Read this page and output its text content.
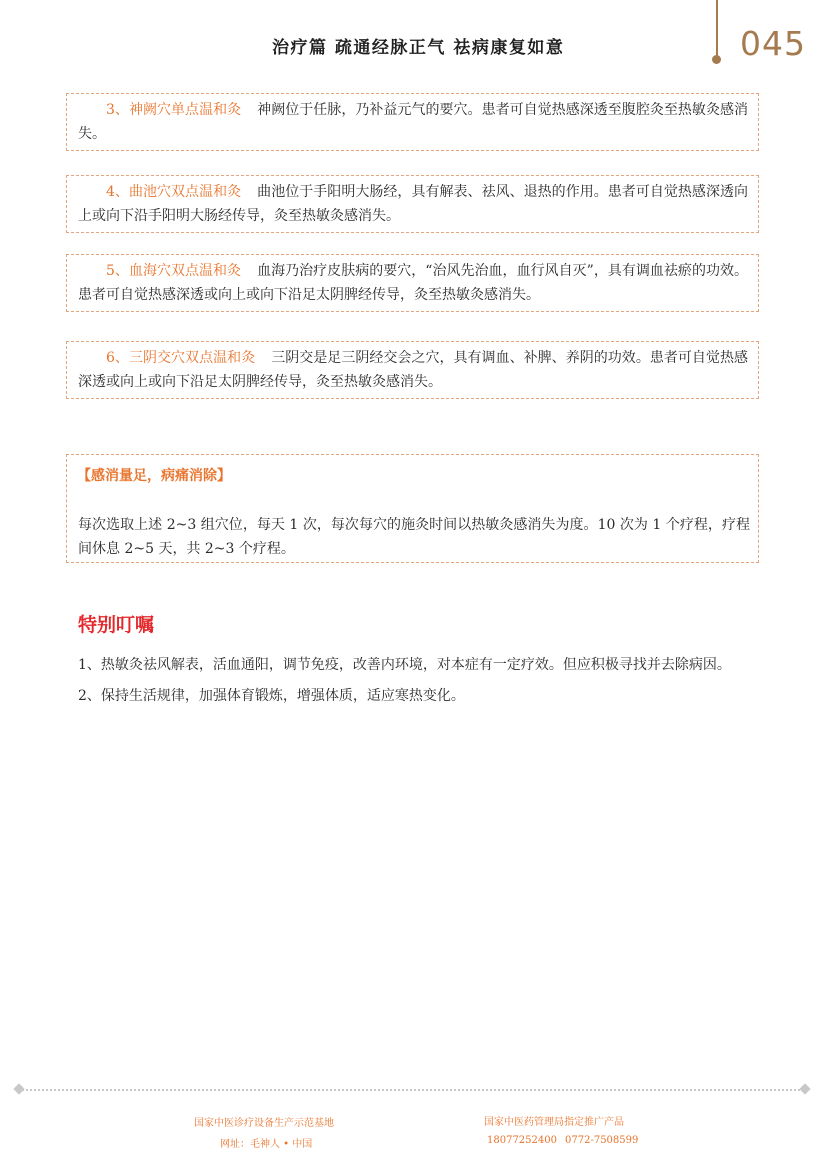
治疗篇 疏通经脉正气 祛病康复如意	045
3、神阙穴单点温和灸 神阙位于任脉，乃补益元气的要穴。患者可自觉热感深透至腹腔灸至热敏灸感消失。
4、曲池穴双点温和灸 曲池位于手阳明大肠经，具有解表、祛风、退热的作用。患者可自觉热感深透向上或向下沿手阳明大肠经传导，灸至热敏灸感消失。
5、血海穴双点温和灸 血海乃治疗皮肤病的要穴，“治风先治血，血行风自灭”，具有调血祛瘀的功效。患者可自觉热感深透或向上或向下沿足太阴脾经传导，灸至热敏灸感消失。
6、三阴交穴双点温和灸 三阴交是足三阴经交会之穴，具有调血、补脾、养阴的功效。患者可自觉热感深透或向上或向下沿足太阴脾经传导，灸至热敏灸感消失。
【感消量足，病痛消除】
每次选取上述 2~3 组穴位，每天 1 次，每次每穴的施灸时间以热敏灸感消失为度。10 次为 1 个疗程，疗程间休息 2~5 天，共 2~3 个疗程。
特别叮嘱
1、热敏灸祛风解表，活血通阳，调节免疫，改善内环境，对本症有一定疗效。但应积极寻找并去除病因。
2、保持生活规律，加强体育锻炼，增强体质，适应寒热变化。
国家中医诊疗设备生产示范基地
网址：毛神人 • 中国
国家中医药管理局指定推广产品
18077252400 0772-7508599
